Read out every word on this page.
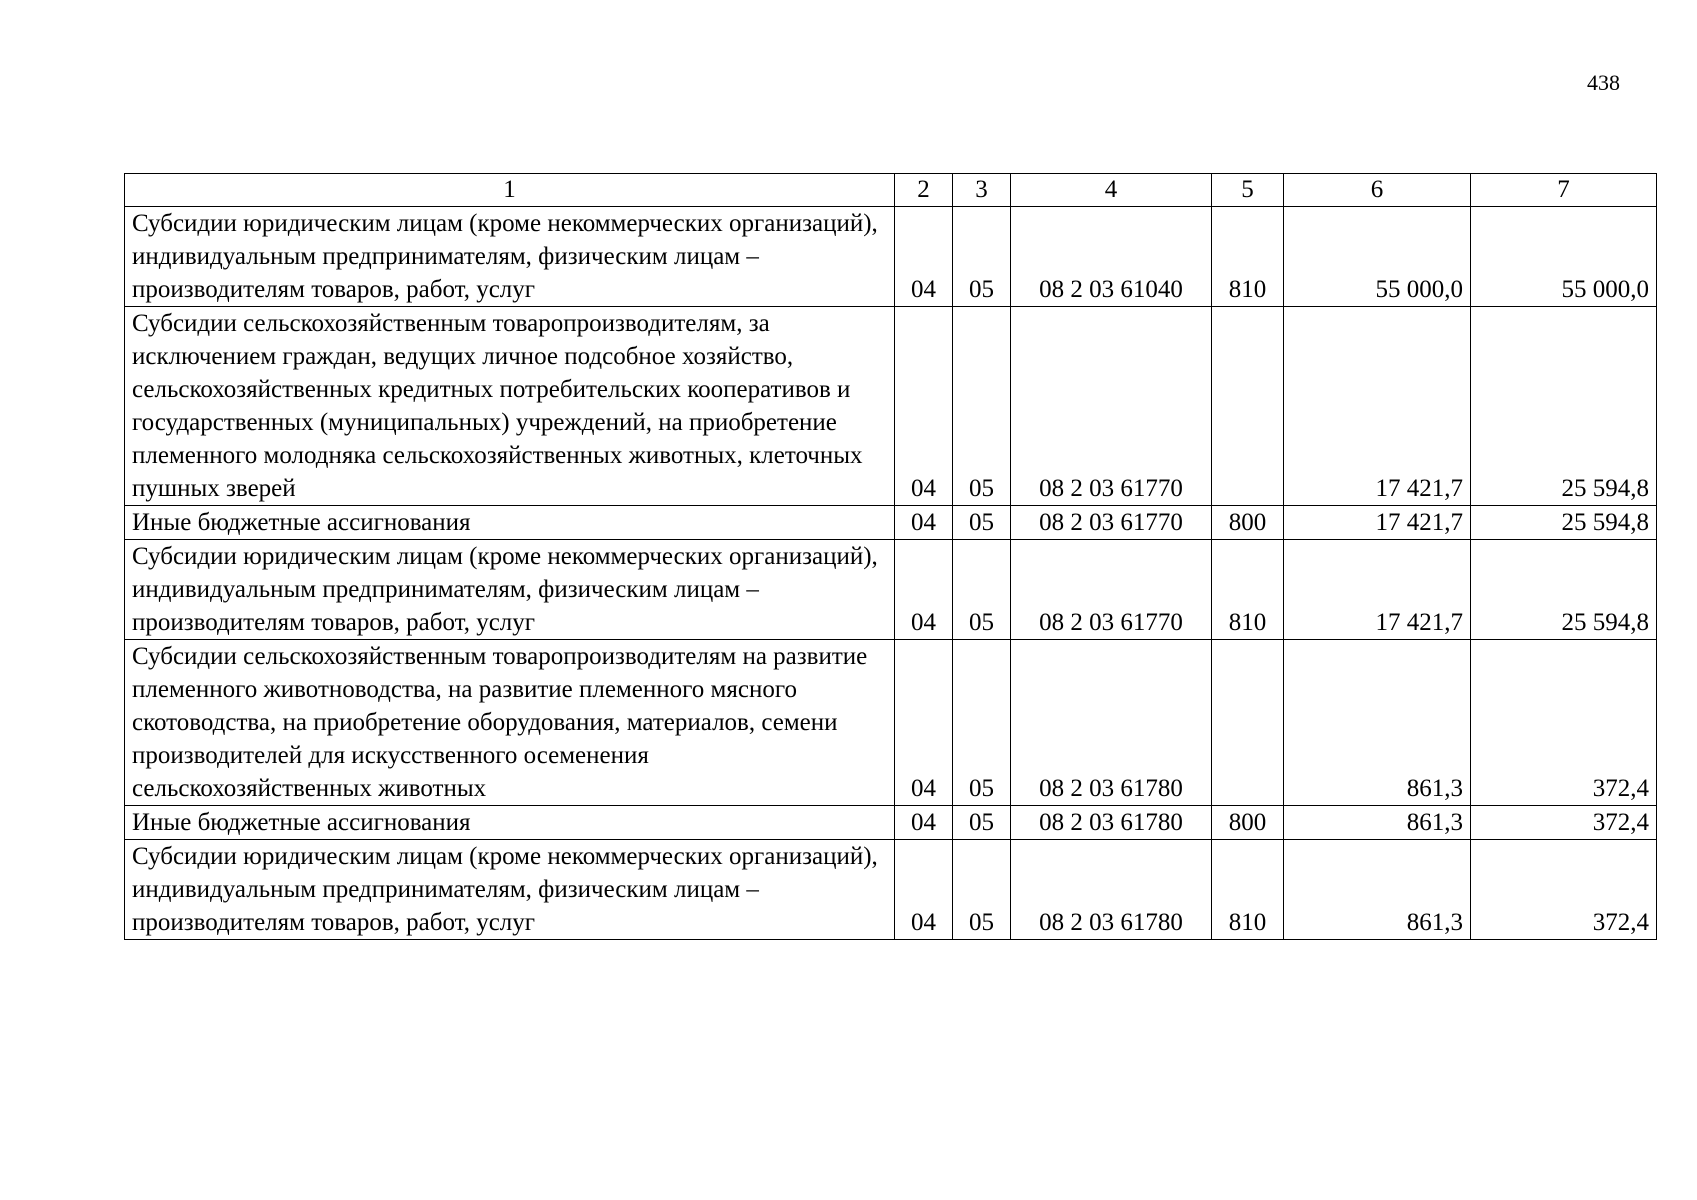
438
1	2	3	4	5	6	7
Субсидии юридическим лицам (кроме некоммерческих организаций), индивидуальным предпринимателям, физическим лицам – производителям товаров, работ, услуг	04	05	08 2 03 61040	810	55 000,0	55 000,0
Субсидии сельскохозяйственным товаропроизводителям, за исключением граждан, ведущих личное подсобное хозяйство, сельскохозяйственных кредитных потребительских кооперативов и государственных (муниципальных) учреждений, на приобретение племенного молодняка сельскохозяйственных животных, клеточных пушных зверей	04	05	08 2 03 61770		17 421,7	25 594,8
Иные бюджетные ассигнования	04	05	08 2 03 61770	800	17 421,7	25 594,8
Субсидии юридическим лицам (кроме некоммерческих организаций), индивидуальным предпринимателям, физическим лицам – производителям товаров, работ, услуг	04	05	08 2 03 61770	810	17 421,7	25 594,8
Субсидии сельскохозяйственным товаропроизводителям на развитие племенного животноводства, на развитие племенного мясного скотоводства, на приобретение оборудования, материалов, семени производителей для искусственного осеменения сельскохозяйственных животных	04	05	08 2 03 61780		861,3	372,4
Иные бюджетные ассигнования	04	05	08 2 03 61780	800	861,3	372,4
Субсидии юридическим лицам (кроме некоммерческих организаций), индивидуальным предпринимателям, физическим лицам – производителям товаров, работ, услуг	04	05	08 2 03 61780	810	861,3	372,4
